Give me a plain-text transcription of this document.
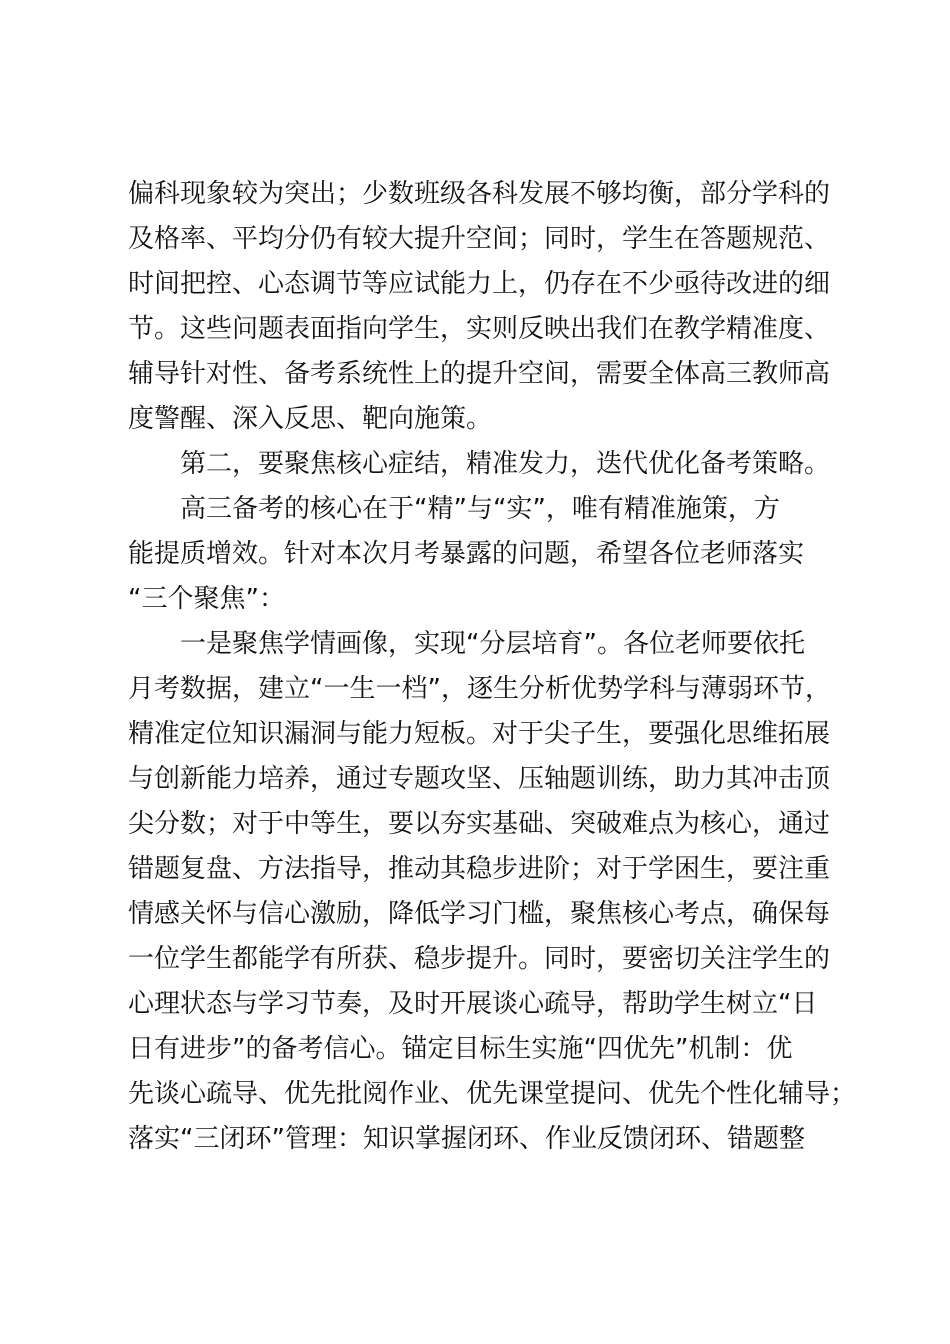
偏科现象较为突出；少数班级各科发展不够均衡，部分学科的
及格率、平均分仍有较大提升空间；同时，学生在答题规范、
时间把控、心态调节等应试能力上，仍存在不少亟待改进的细
节。这些问题表面指向学生，实则反映出我们在教学精准度、
辅导针对性、备考系统性上的提升空间，需要全体高三教师高
度警醒、深入反思、靶向施策。
　　第二，要聚焦核心症结，精准发力，迭代优化备考策略。
　　高三备考的核心在于“精”与“实”，唯有精准施策，方
能提质增效。针对本次月考暴露的问题，希望各位老师落实
“三个聚焦”：
　　一是聚焦学情画像，实现“分层培育”。各位老师要依托
月考数据，建立“一生一档”，逐生分析优势学科与薄弱环节，
精准定位知识漏洞与能力短板。对于尖子生，要强化思维拓展
与创新能力培养，通过专题攻坚、压轴题训练，助力其冲击顶
尖分数；对于中等生，要以夯实基础、突破难点为核心，通过
错题复盘、方法指导，推动其稳步进阶；对于学困生，要注重
情感关怀与信心激励，降低学习门槛，聚焦核心考点，确保每
一位学生都能学有所获、稳步提升。同时，要密切关注学生的
心理状态与学习节奏，及时开展谈心疏导，帮助学生树立“日
日有进步”的备考信心。锚定目标生实施“四优先”机制：优
先谈心疏导、优先批阅作业、优先课堂提问、优先个性化辅导；
落实“三闭环”管理：知识掌握闭环、作业反馈闭环、错题整
